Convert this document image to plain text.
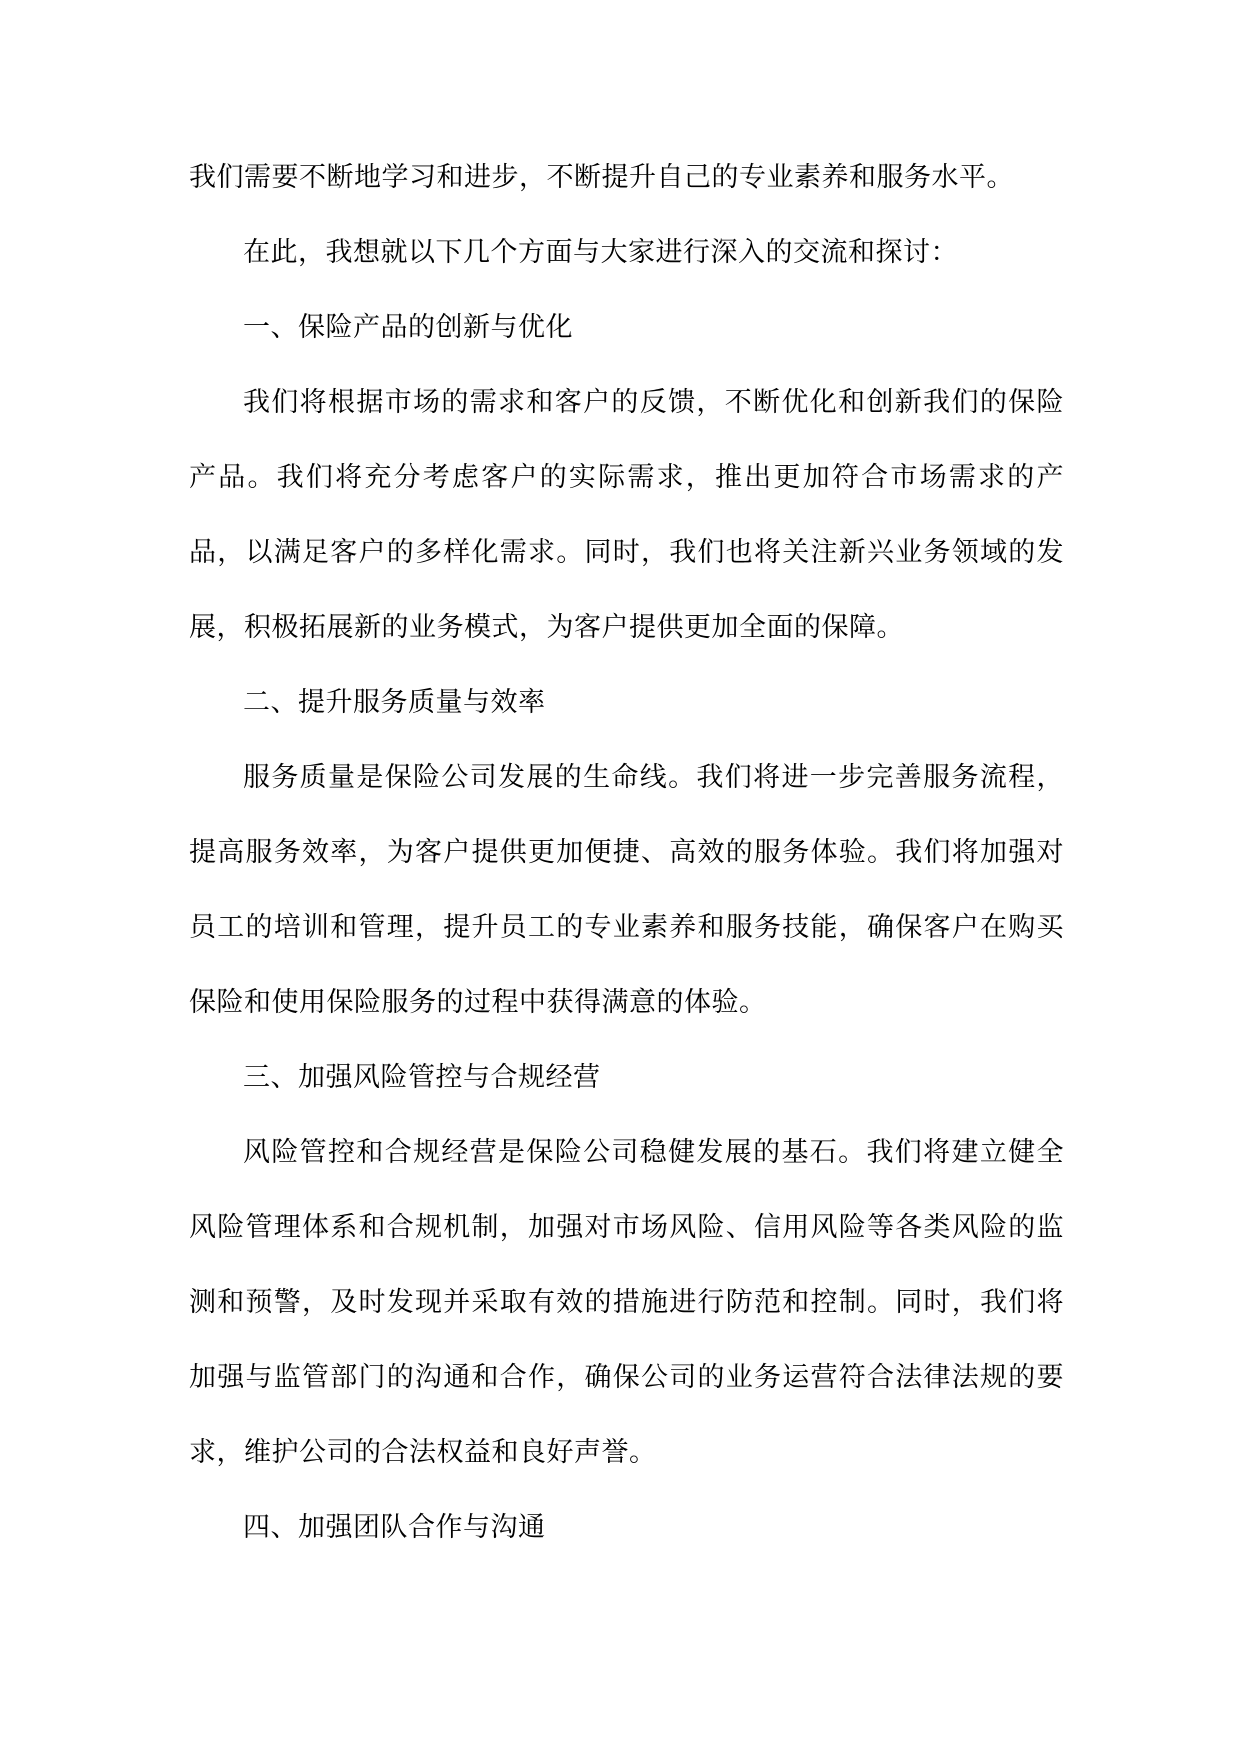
我们需要不断地学习和进步，不断提升自己的专业素养和服务水平。

在此，我想就以下几个方面与大家进行深入的交流和探讨：

一、保险产品的创新与优化

我们将根据市场的需求和客户的反馈，不断优化和创新我们的保险产品。我们将充分考虑客户的实际需求，推出更加符合市场需求的产品，以满足客户的多样化需求。同时，我们也将关注新兴业务领域的发展，积极拓展新的业务模式，为客户提供更加全面的保障。

二、提升服务质量与效率

服务质量是保险公司发展的生命线。我们将进一步完善服务流程，提高服务效率，为客户提供更加便捷、高效的服务体验。我们将加强对员工的培训和管理，提升员工的专业素养和服务技能，确保客户在购买保险和使用保险服务的过程中获得满意的体验。

三、加强风险管控与合规经营

风险管控和合规经营是保险公司稳健发展的基石。我们将建立健全风险管理体系和合规机制，加强对市场风险、信用风险等各类风险的监测和预警，及时发现并采取有效的措施进行防范和控制。同时，我们将加强与监管部门的沟通和合作，确保公司的业务运营符合法律法规的要求，维护公司的合法权益和良好声誉。

四、加强团队合作与沟通
